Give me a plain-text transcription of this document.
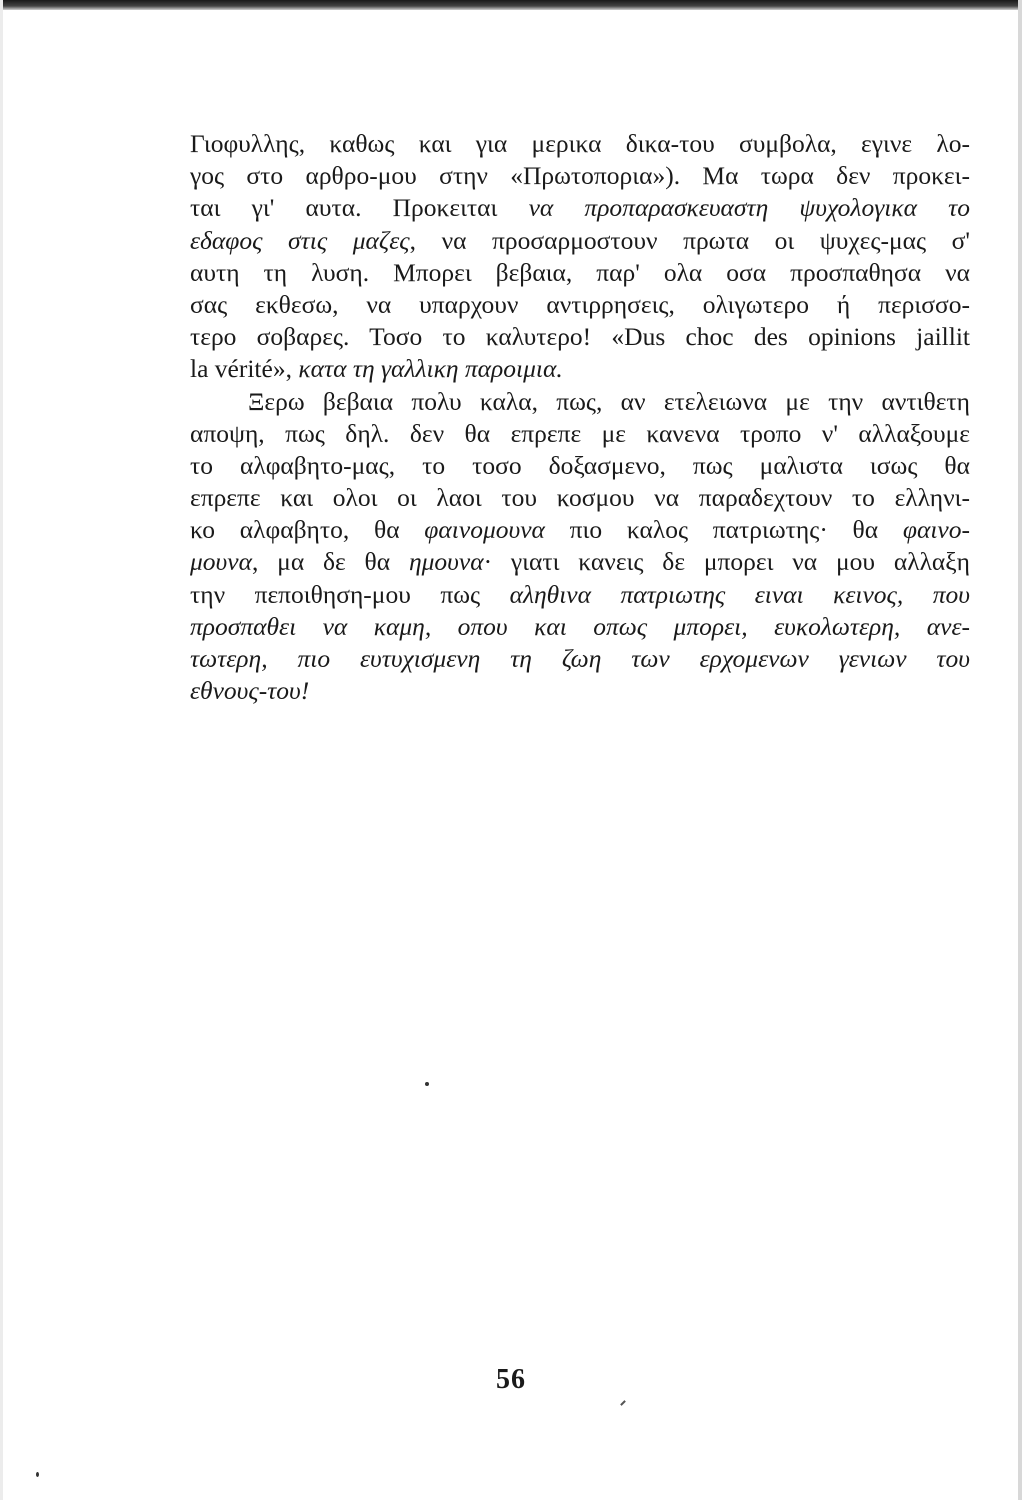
Γιοφυλλης, καθως και για μερικα δικα-του συμβολα, εγινε λο-
γος στο αρθρο-μου στην «Πρωτοπορια»). Μα τωρα δεν προκει-
ται γι' αυτα. Προκειται να προπαρασκευαστη ψυχολογικα το
εδαφος στις μαζες, να προσαρμοστουν πρωτα οι ψυχες-μας σ'
αυτη τη λυση. Μπορει βεβαια, παρ' ολα οσα προσπαθησα να
σας εκθεσω, να υπαρχουν αντιρρησεις, ολιγωτερο ή περισσο-
τερο σοβαρες. Τοσο το καλυτερο! «Dus choc des opinions jaillit
la vérité», κατα τη γαλλικη παροιμια.
Ξερω βεβαια πολυ καλα, πως, αν ετελειωνα με την αντιθετη
αποψη, πως δηλ. δεν θα επρεπε με κανενα τροπο ν' αλλαξουμε
το αλφαβητο-μας, το τοσο δοξασμενο, πως μαλιστα ισως θα
επρεπε και ολοι οι λαοι του κοσμου να παραδεχτουν το ελληνι-
κο αλφαβητο, θα φαινομουνα πιο καλος πατριωτης· θα φαινο-
μουνα, μα δε θα ημουνα· γιατι κανεις δε μπορει να μου αλλαξη
την πεποιθηση-μου πως αληθινα πατριωτης ειναι κεινος, που
προσπαθει να καμη, οπου και οπως μπορει, ευκολωτερη, ανε-
τωτερη, πιο ευτυχισμενη τη ζωη των ερχομενων γενιων του
εθνους-του!
56
